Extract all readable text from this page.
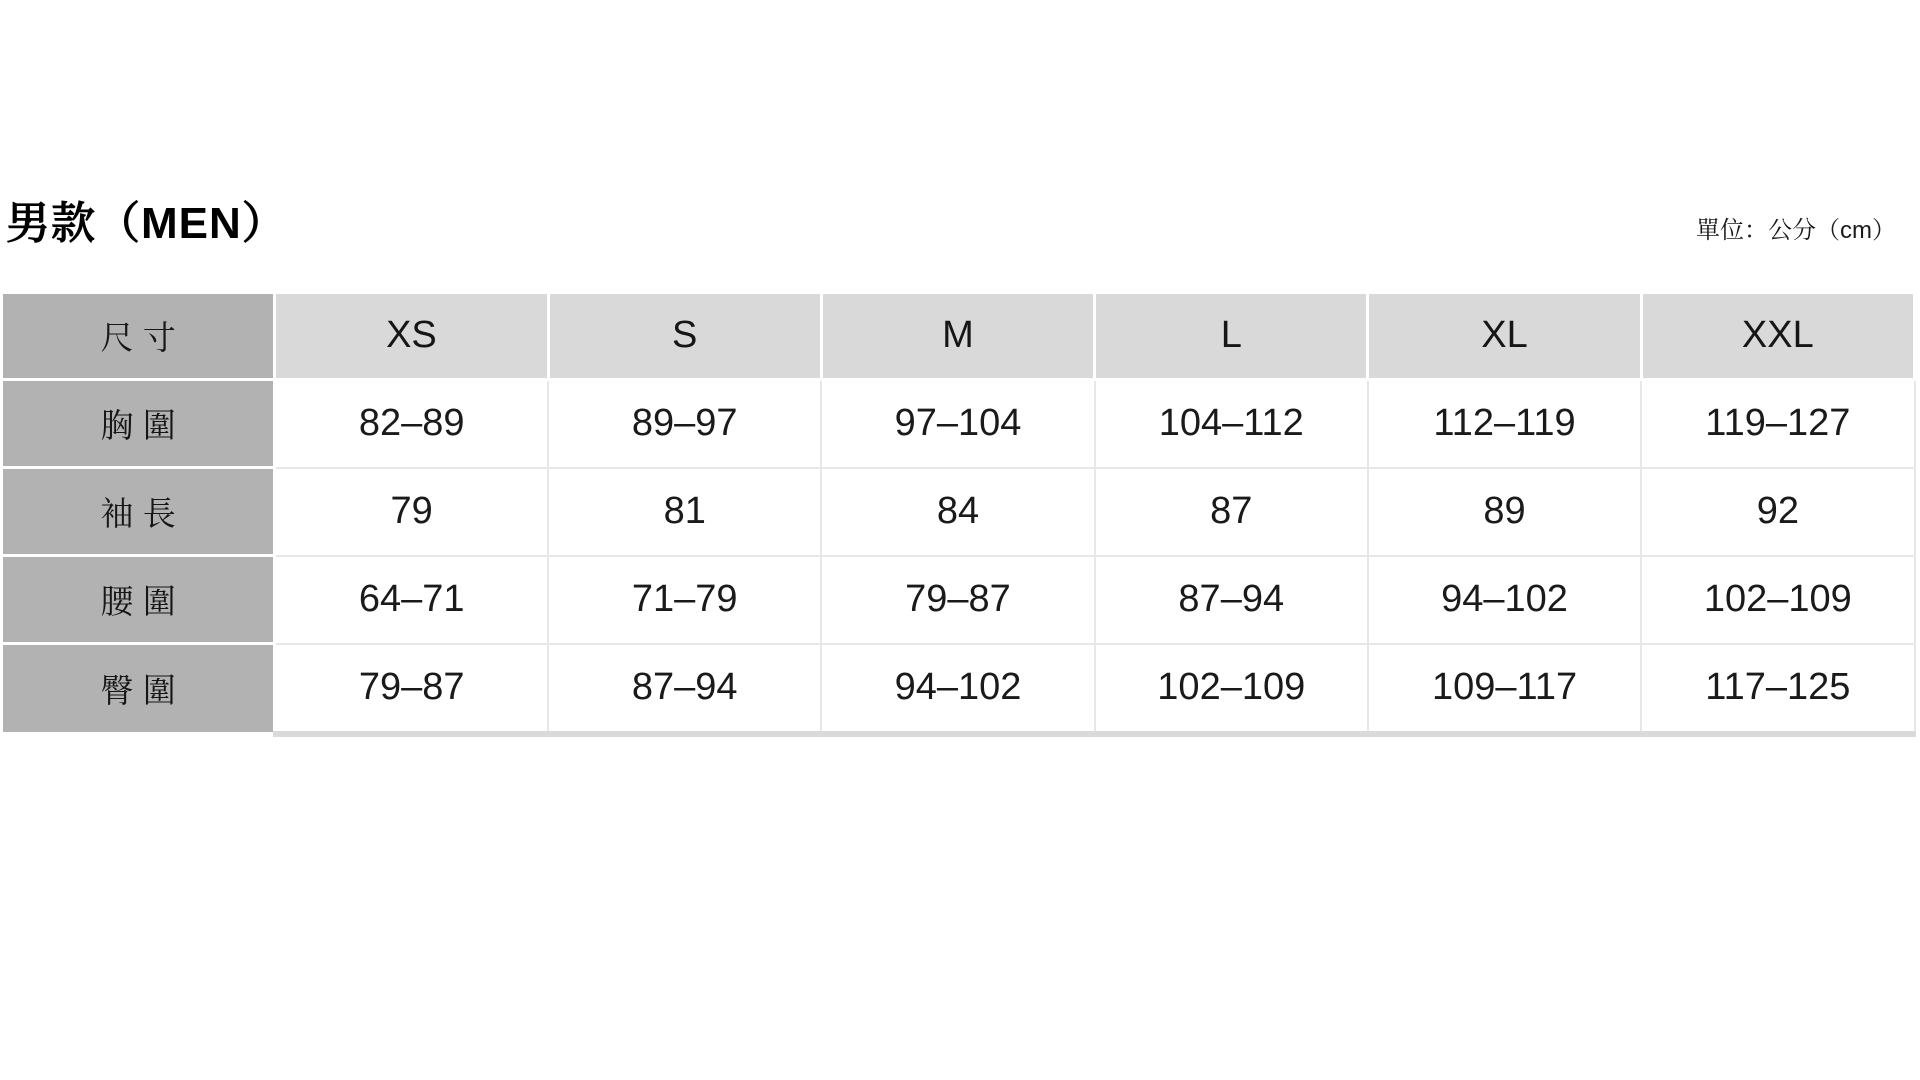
男款（MEN）	單位：公分（cm）
尺 寸	XS	S	M	L	XL	XXL
胸 圍	82–89	89–97	97–104	104–112	112–119	119–127
袖 長	79	81	84	87	89	92
腰 圍	64–71	71–79	79–87	87–94	94–102	102–109
臀 圍	79–87	87–94	94–102	102–109	109–117	117–125
